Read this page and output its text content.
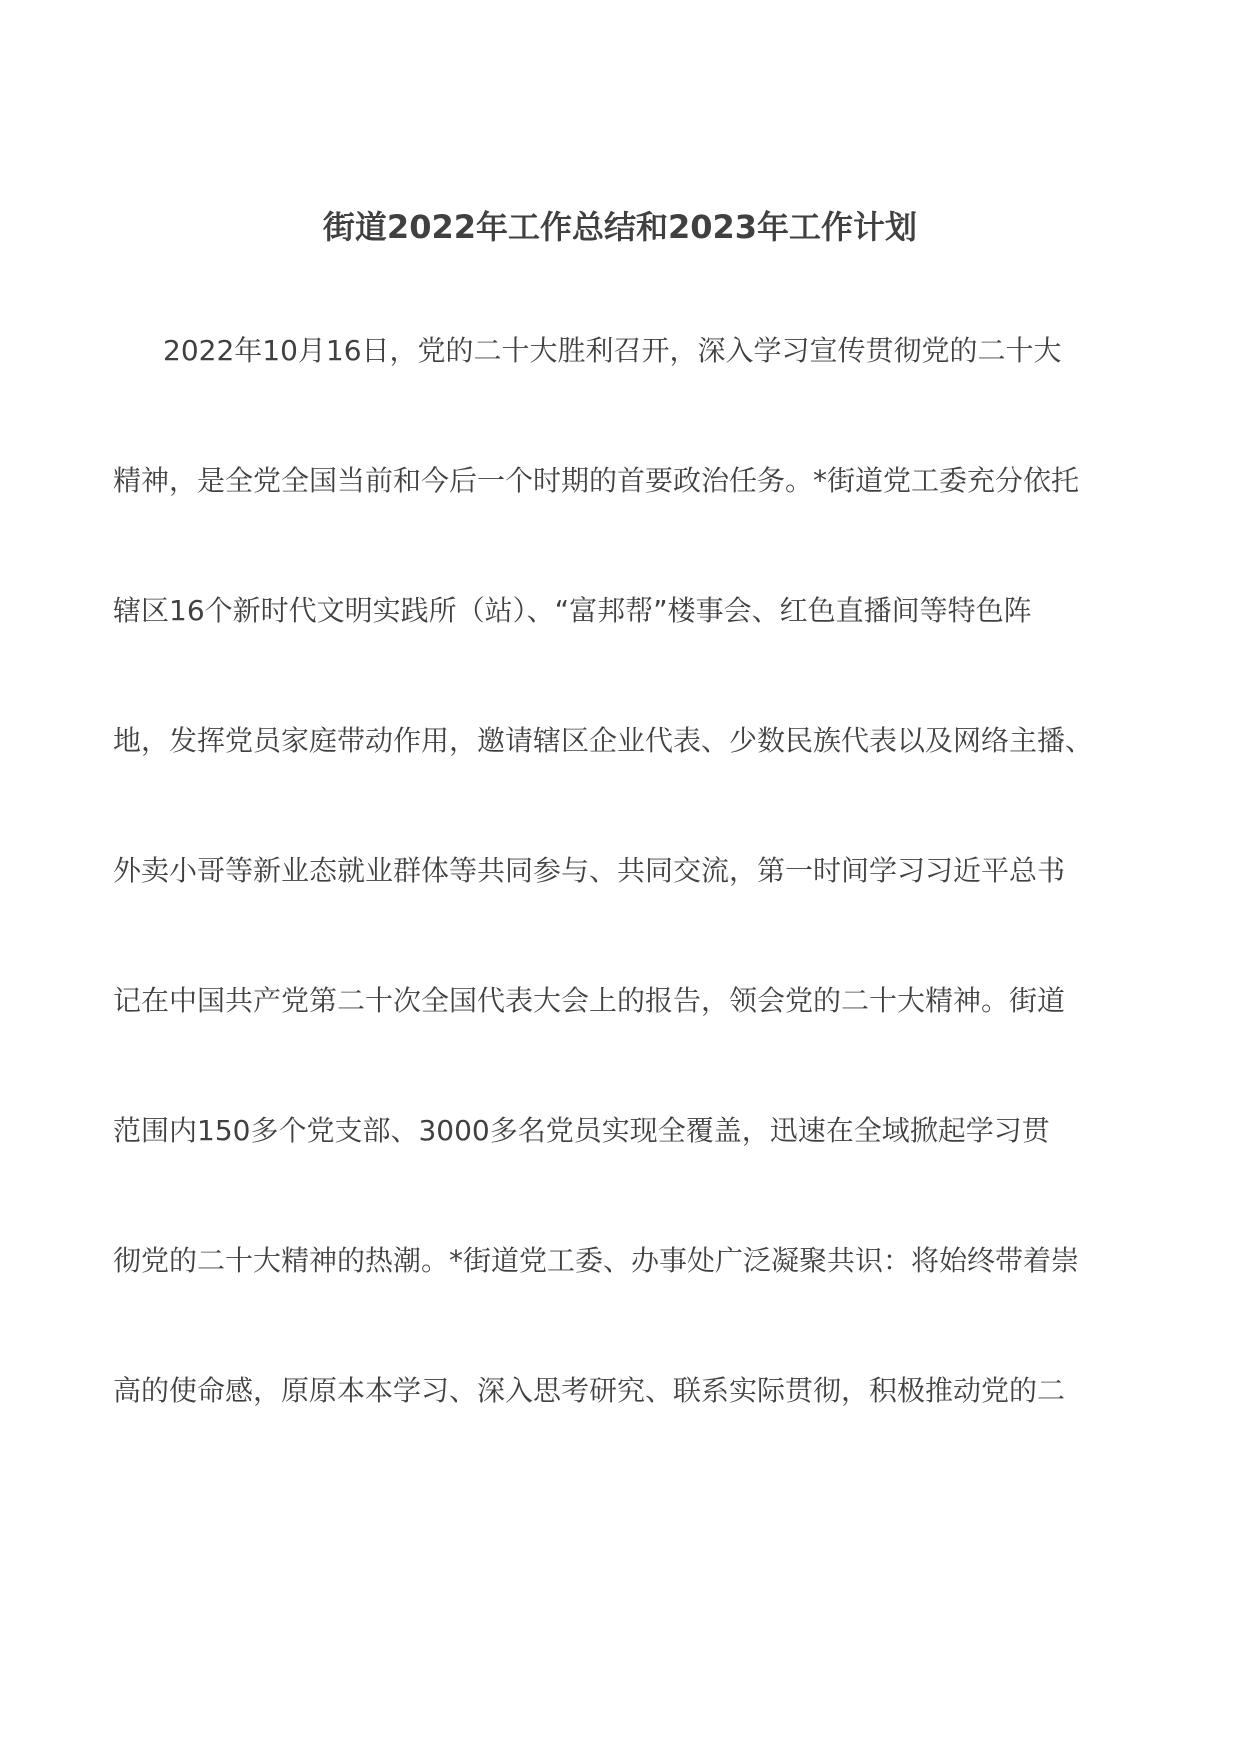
街道2022年工作总结和2023年工作计划
2022年10月16日，党的二十大胜利召开，深入学习宣传贯彻党的二十大
精神，是全党全国当前和今后一个时期的首要政治任务。*街道党工委充分依托
辖区16个新时代文明实践所（站）、“富邦帮”楼事会、红色直播间等特色阵
地，发挥党员家庭带动作用，邀请辖区企业代表、少数民族代表以及网络主播、
外卖小哥等新业态就业群体等共同参与、共同交流，第一时间学习习近平总书
记在中国共产党第二十次全国代表大会上的报告，领会党的二十大精神。街道
范围内150多个党支部、3000多名党员实现全覆盖，迅速在全域掀起学习贯
彻党的二十大精神的热潮。*街道党工委、办事处广泛凝聚共识：将始终带着崇
高的使命感，原原本本学习、深入思考研究、联系实际贯彻，积极推动党的二
